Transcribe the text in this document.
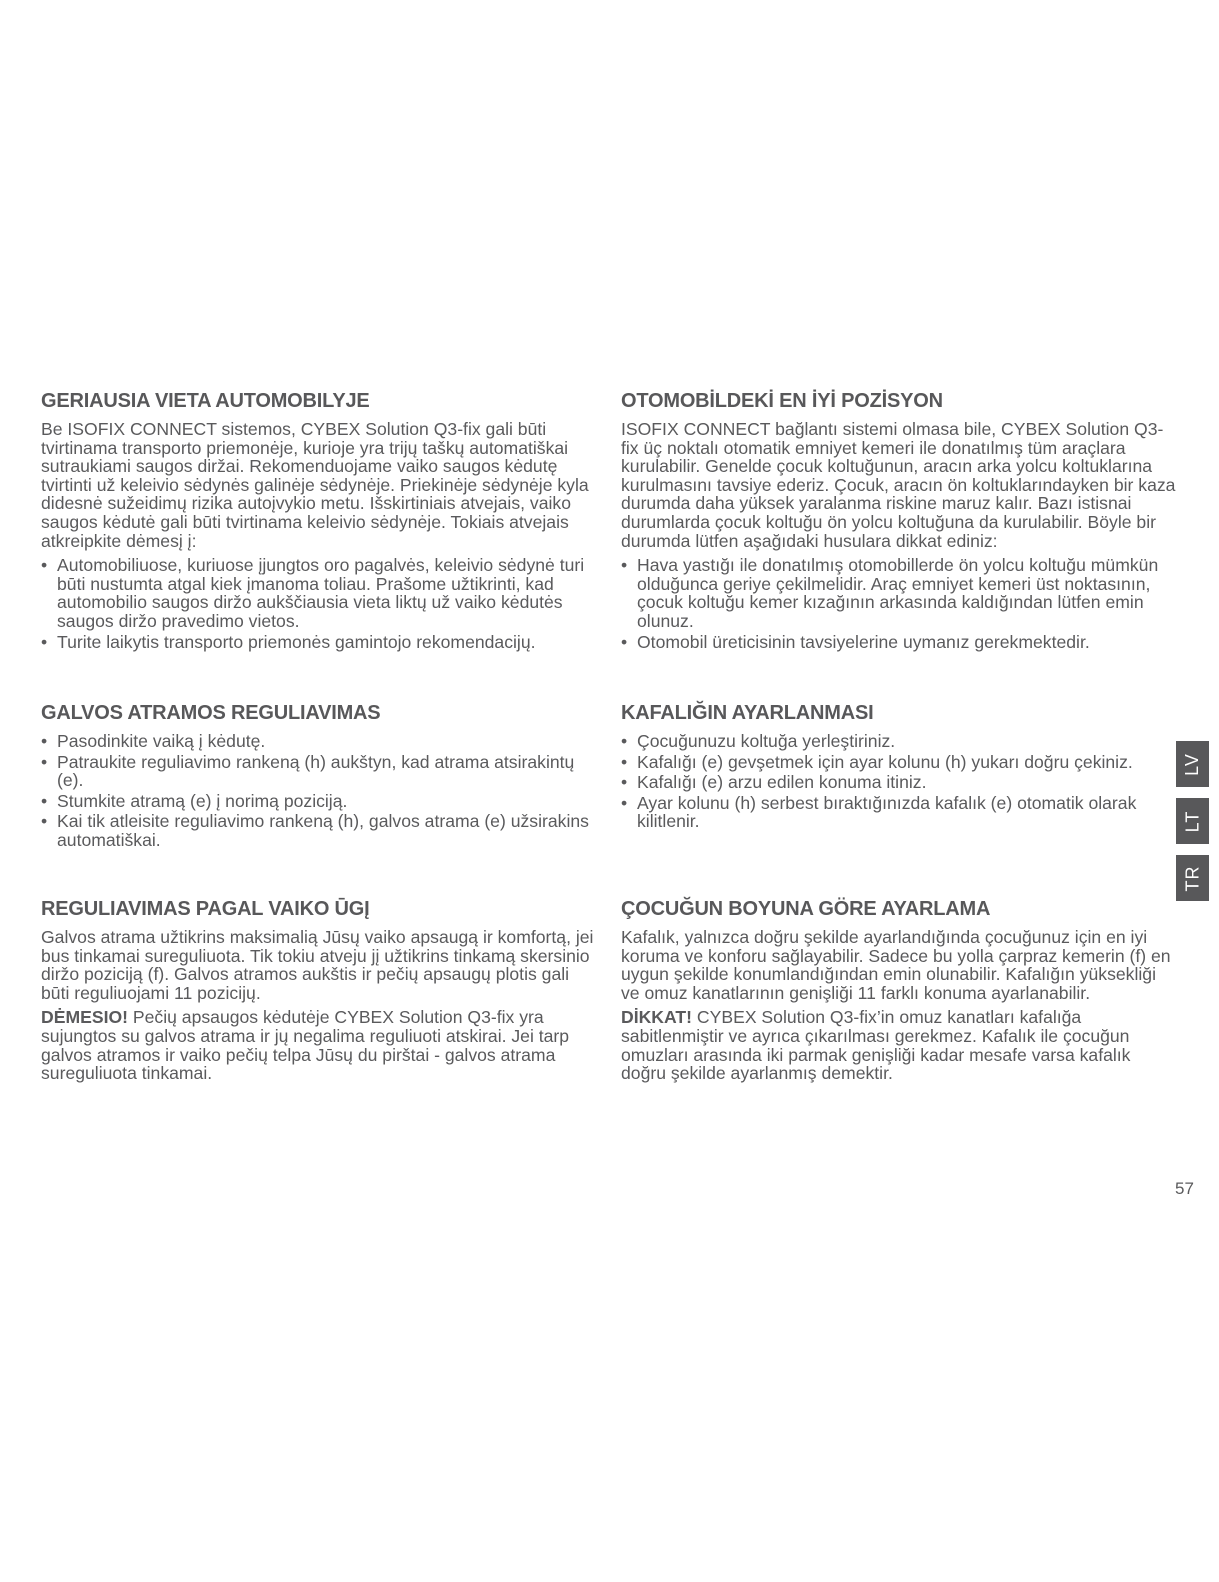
GERIAUSIA VIETA AUTOMOBILYJE

Be ISOFIX CONNECT sistemos, CYBEX Solution Q3-fix gali būti tvirtinama transporto priemonėje, kurioje yra trijų taškų automatiškai sutraukiami saugos diržai. Rekomenduojame vaiko saugos kėdutę tvirtinti už keleivio sėdynės galinėje sėdynėje. Priekinėje sėdynėje kyla didesnė sužeidimų rizika autoįvykio metu. Išskirtiniais atvejais, vaiko saugos kėdutė gali būti tvirtinama keleivio sėdynėje. Tokiais atvejais atkreipkite dėmesį į:

• Automobiliuose, kuriuose įjungtos oro pagalvės, keleivio sėdynė turi būti nustumta atgal kiek įmanoma toliau. Prašome užtikrinti, kad automobilio saugos diržo aukščiausia vieta liktų už vaiko kėdutės saugos diržo pravedimo vietos.
• Turite laikytis transporto priemonės gamintojo rekomendacijų.
GALVOS ATRAMOS REGULIAVIMAS
• Pasodinkite vaiką į kėdutę.
• Patraukite reguliavimo rankeną (h) aukštyn, kad atrama atsirakintų (e).
• Stumkite atramą (e) į norimą poziciją.
• Kai tik atleisite reguliavimo rankeną (h), galvos atrama (e) užsirakins automatiškai.
REGULIAVIMAS PAGAL VAIKO ŪGĮ

Galvos atrama užtikrins maksimalią Jūsų vaiko apsaugą ir komfortą, jei bus tinkamai sureguliuota. Tik tokiu atveju jį užtikrins tinkamą skersinio diržo poziciją (f). Galvos atramos aukštis ir pečių apsaugų plotis gali būti reguliuojami 11 pozicijų.

DĖMESIO! Pečių apsaugos kėdutėje CYBEX Solution Q3-fix yra sujungtos su galvos atrama ir jų negalima reguliuoti atskirai. Jei tarp galvos atramos ir vaiko pečių telpa Jūsų du pirštai - galvos atrama sureguliuota tinkamai.

OTOMOBİLDEKİ EN İYİ POZİSYON

ISOFIX CONNECT bağlantı sistemi olmasa bile, CYBEX Solution Q3-fix üç noktalı otomatik emniyet kemeri ile donatılmış tüm araçlara kurulabilir. Genelde çocuk koltuğunun, aracın arka yolcu koltuklarına kurulmasını tavsiye ederiz. Çocuk, aracın ön koltuklarındayken bir kaza durumda daha yüksek yaralanma riskine maruz kalır. Bazı istisnai durumlarda çocuk koltuğu ön yolcu koltuğuna da kurulabilir. Böyle bir durumda lütfen aşağıdaki husulara dikkat ediniz:

• Hava yastığı ile donatılmış otomobillerde ön yolcu koltuğu mümkün olduğunca geriye çekilmelidir. Araç emniyet kemeri üst noktasının, çocuk koltuğu kemer kızağının arkasında kaldığından lütfen emin olunuz.
• Otomobil üreticisinin tavsiyelerine uymanız gerekmektedir.
KAFALIĞIN AYARLANMASI
• Çocuğunuzu koltuğa yerleştiriniz.
• Kafalığı (e) gevşetmek için ayar kolunu (h) yukarı doğru çekiniz.
• Kafalığı (e) arzu edilen konuma itiniz.
• Ayar kolunu (h) serbest bıraktığınızda kafalık (e) otomatik olarak kilitlenir.
ÇOCUĞUN BOYUNA GÖRE AYARLAMA

Kafalık, yalnızca doğru şekilde ayarlandığında çocuğunuz için en iyi koruma ve konforu sağlayabilir. Sadece bu yolla çarpraz kemerin (f) en uygun şekilde konumlandığından emin olunabilir. Kafalığın yüksekliği ve omuz kanatlarının genişliği 11 farklı konuma ayarlanabilir.

DİKKAT! CYBEX Solution Q3-fix’in omuz kanatları kafalığa sabitlenmiştir ve ayrıca çıkarılması gerekmez. Kafalık ile çocuğun omuzları arasında iki parmak genişliği kadar mesafe varsa kafalık doğru şekilde ayarlanmış demektir.

LV
LT
TR
57
